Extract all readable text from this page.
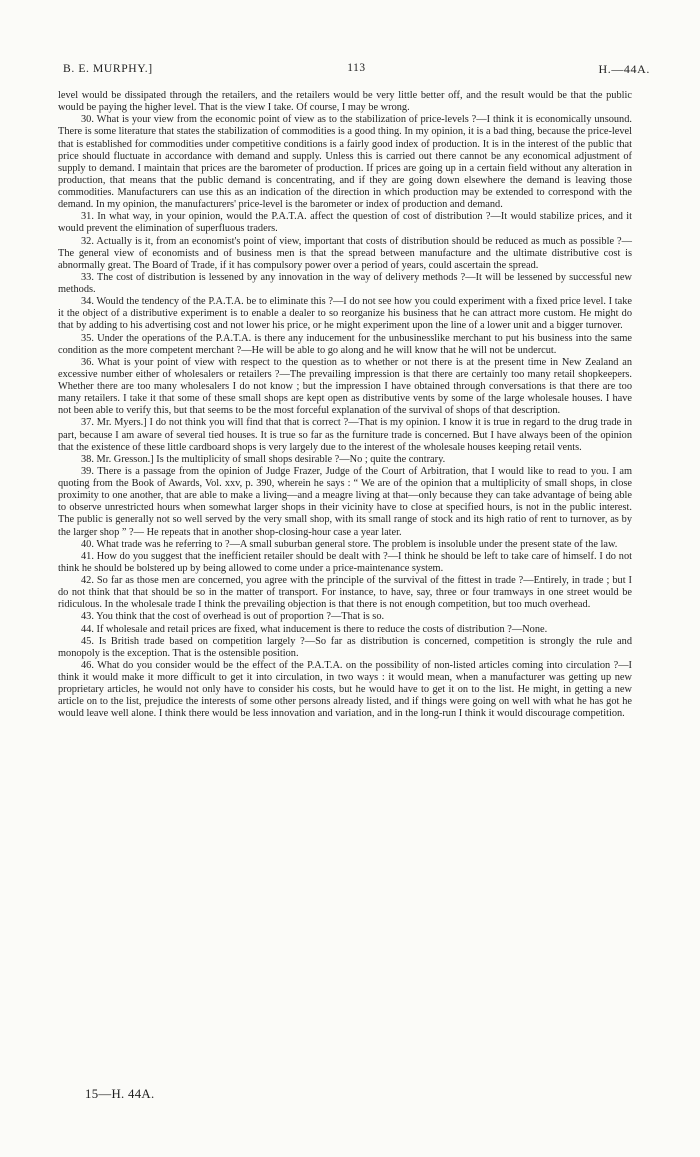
B. E. MURPHY.]	113	H.—44A.

level would be dissipated through the retailers, and the retailers would be very little better off, and the result would be that the public would be paying the higher level. That is the view I take. Of course, I may be wrong.

30. What is your view from the economic point of view as to the stabilization of price-levels ?—I think it is economically unsound. There is some literature that states the stabilization of commodities is a good thing. In my opinion, it is a bad thing, because the price-level that is established for commodities under competitive conditions is a fairly good index of production. It is in the interest of the public that price should fluctuate in accordance with demand and supply. Unless this is carried out there cannot be any economical adjustment of supply to demand. I maintain that prices are the barometer of production. If prices are going up in a certain field without any alteration in production, that means that the public demand is concentrating, and if they are going down elsewhere the demand is leaving those commodities. Manufacturers can use this as an indication of the direction in which production may be extended to correspond with the demand. In my opinion, the manufacturers' price-level is the barometer or index of production and demand.

31. In what way, in your opinion, would the P.A.T.A. affect the question of cost of distribution ?—It would stabilize prices, and it would prevent the elimination of superfluous traders.

32. Actually is it, from an economist's point of view, important that costs of distribution should be reduced as much as possible ?—The general view of economists and of business men is that the spread between manufacture and the ultimate distributive cost is abnormally great. The Board of Trade, if it has compulsory power over a period of years, could ascertain the spread.

33. The cost of distribution is lessened by any innovation in the way of delivery methods ?—It will be lessened by successful new methods.

34. Would the tendency of the P.A.T.A. be to eliminate this ?—I do not see how you could experiment with a fixed price level. I take it the object of a distributive experiment is to enable a dealer to so reorganize his business that he can attract more custom. He might do that by adding to his advertising cost and not lower his price, or he might experiment upon the line of a lower unit and a bigger turnover.

35. Under the operations of the P.A.T.A. is there any inducement for the unbusinesslike merchant to put his business into the same condition as the more competent merchant ?—He will be able to go along and he will know that he will not be undercut.

36. What is your point of view with respect to the question as to whether or not there is at the present time in New Zealand an excessive number either of wholesalers or retailers ?—The prevailing impression is that there are certainly too many retail shopkeepers. Whether there are too many wholesalers I do not know ; but the impression I have obtained through conversations is that there are too many retailers. I take it that some of these small shops are kept open as distributive vents by some of the large wholesale houses. I have not been able to verify this, but that seems to be the most forceful explanation of the survival of shops of that description.

37. Mr. Myers.] I do not think you will find that that is correct ?—That is my opinion. I know it is true in regard to the drug trade in part, because I am aware of several tied houses. It is true so far as the furniture trade is concerned. But I have always been of the opinion that the existence of these little cardboard shops is very largely due to the interest of the wholesale houses keeping retail vents.

38. Mr. Gresson.] Is the multiplicity of small shops desirable ?—No ; quite the contrary.

39. There is a passage from the opinion of Judge Frazer, Judge of the Court of Arbitration, that I would like to read to you. I am quoting from the Book of Awards, Vol. xxv, p. 390, wherein he says : “ We are of the opinion that a multiplicity of small shops, in close proximity to one another, that are able to make a living—and a meagre living at that—only because they can take advantage of being able to observe unrestricted hours when somewhat larger shops in their vicinity have to close at specified hours, is not in the public interest. The public is generally not so well served by the very small shop, with its small range of stock and its high ratio of rent to turnover, as by the larger shop ” ?— He repeats that in another shop-closing-hour case a year later.

40. What trade was he referring to ?—A small suburban general store. The problem is insoluble under the present state of the law.

41. How do you suggest that the inefficient retailer should be dealt with ?—I think he should be left to take care of himself. I do not think he should be bolstered up by being allowed to come under a price-maintenance system.

42. So far as those men are concerned, you agree with the principle of the survival of the fittest in trade ?—Entirely, in trade ; but I do not think that that should be so in the matter of transport. For instance, to have, say, three or four tramways in one street would be ridiculous. In the wholesale trade I think the prevailing objection is that there is not enough competition, but too much overhead.

43. You think that the cost of overhead is out of proportion ?—That is so.

44. If wholesale and retail prices are fixed, what inducement is there to reduce the costs of distribution ?—None.

45. Is British trade based on competition largely ?—So far as distribution is concerned, competition is strongly the rule and monopoly is the exception. That is the ostensible position.

46. What do you consider would be the effect of the P.A.T.A. on the possibility of non-listed articles coming into circulation ?—I think it would make it more difficult to get it into circulation, in two ways : it would mean, when a manufacturer was getting up new proprietary articles, he would not only have to consider his costs, but he would have to get it on to the list. He might, in getting a new article on to the list, prejudice the interests of some other persons already listed, and if things were going on well with what he has got he would leave well alone. I think there would be less innovation and variation, and in the long-run I think it would discourage competition.

15—H. 44A.
